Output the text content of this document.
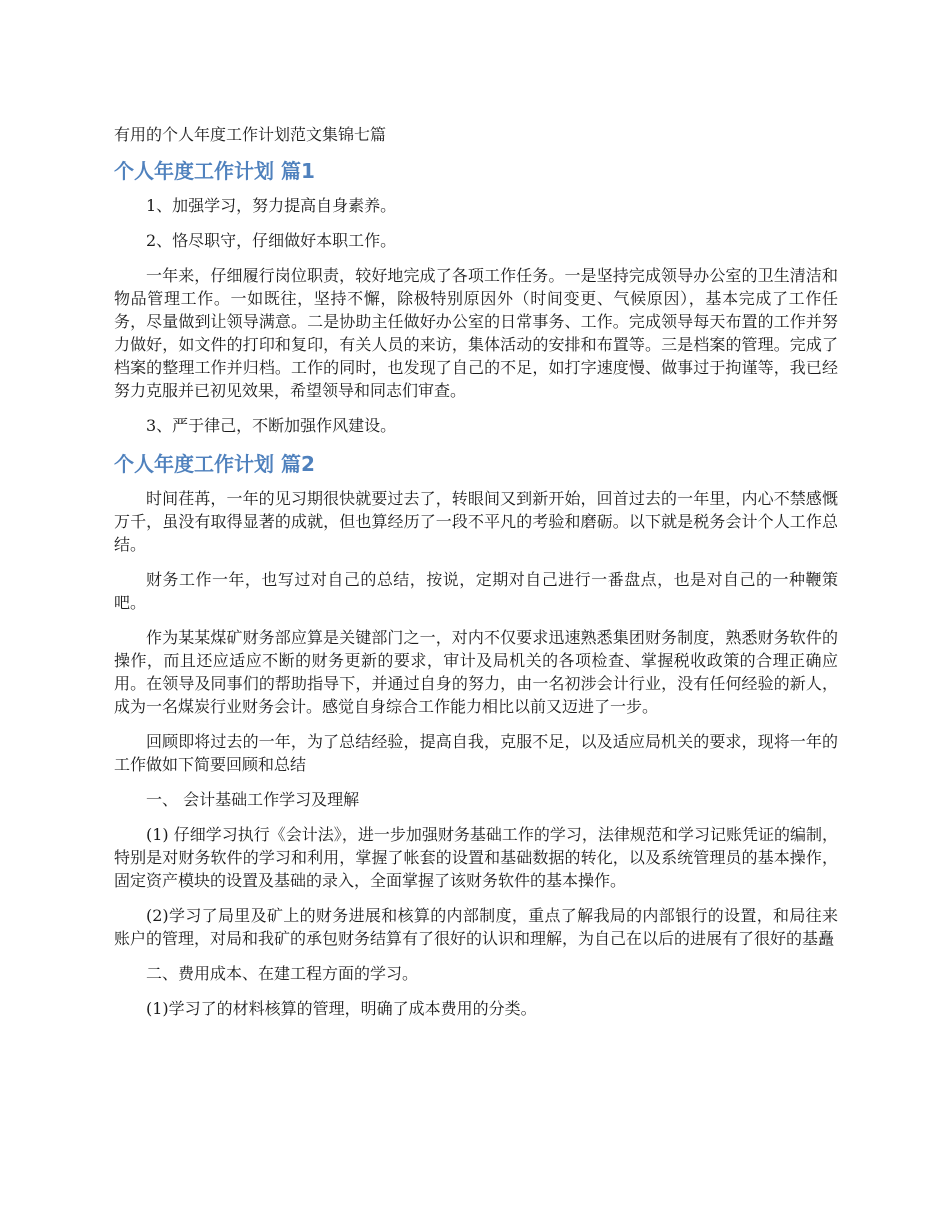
有用的个人年度工作计划范文集锦七篇
个人年度工作计划 篇1

1、加强学习，努力提高自身素养。

2、恪尽职守，仔细做好本职工作。

一年来，仔细履行岗位职责，较好地完成了各项工作任务。一是坚持完成领导办公室的卫生清洁和物品管理工作。一如既往，坚持不懈，除极特别原因外（时间变更、气候原因），基本完成了工作任务，尽量做到让领导满意。二是协助主任做好办公室的日常事务、工作。完成领导每天布置的工作并努力做好，如文件的打印和复印，有关人员的来访，集体活动的安排和布置等。三是档案的管理。完成了档案的整理工作并归档。工作的同时，也发现了自己的不足，如打字速度慢、做事过于拘谨等，我已经努力克服并已初见效果，希望领导和同志们审查。

3、严于律己，不断加强作风建设。

个人年度工作计划 篇2

时间荏苒，一年的见习期很快就要过去了，转眼间又到新开始，回首过去的一年里，内心不禁感慨万千，虽没有取得显著的成就，但也算经历了一段不平凡的考验和磨砺。以下就是税务会计个人工作总结。

财务工作一年，也写过对自己的总结，按说，定期对自己进行一番盘点，也是对自己的一种鞭策吧。

作为某某煤矿财务部应算是关键部门之一，对内不仅要求迅速熟悉集团财务制度，熟悉财务软件的操作，而且还应适应不断的财务更新的要求，审计及局机关的各项检查、掌握税收政策的合理正确应用。在领导及同事们的帮助指导下，并通过自身的努力，由一名初涉会计行业，没有任何经验的新人，成为一名煤炭行业财务会计。感觉自身综合工作能力相比以前又迈进了一步。

回顾即将过去的一年，为了总结经验，提高自我，克服不足，以及适应局机关的要求，现将一年的工作做如下简要回顾和总结

一、 会计基础工作学习及理解

(1) 仔细学习执行《会计法》，进一步加强财务基础工作的学习，法律规范和学习记账凭证的编制，特别是对财务软件的学习和利用，掌握了帐套的设置和基础数据的转化，以及系统管理员的基本操作，固定资产模块的设置及基础的录入，全面掌握了该财务软件的基本操作。

(2)学习了局里及矿上的财务进展和核算的内部制度，重点了解我局的内部银行的设置，和局往来账户的管理，对局和我矿的承包财务结算有了很好的认识和理解，为自己在以后的进展有了很好的基矗

二、费用成本、在建工程方面的学习。

(1)学习了的材料核算的管理，明确了成本费用的分类。
